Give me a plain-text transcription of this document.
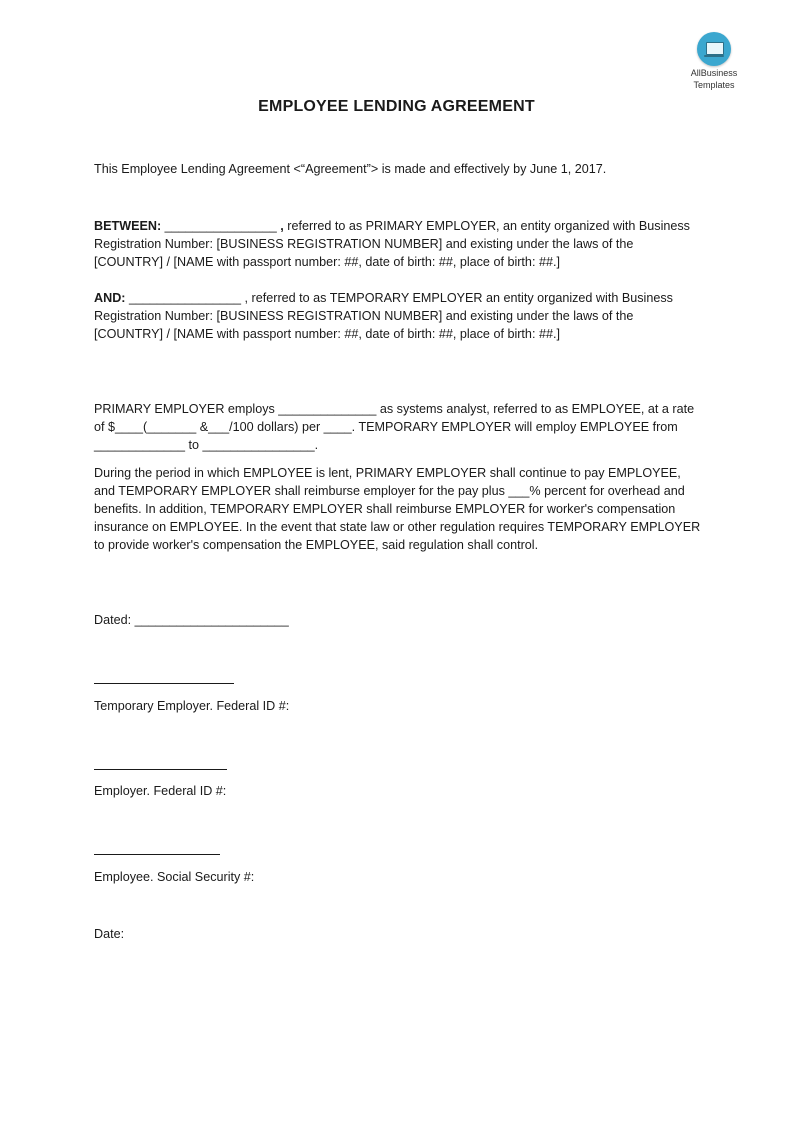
AllBusiness
Templates
EMPLOYEE LENDING AGREEMENT
This Employee Lending Agreement <“Agreement”> is made and effectively by June 1, 2017.
BETWEEN: ________________ , referred to as PRIMARY EMPLOYER, an entity organized with Business Registration Number: [BUSINESS REGISTRATION NUMBER] and existing under the laws of the [COUNTRY] / [NAME with passport number: ##, date of birth: ##, place of birth: ##.]
AND: ________________ , referred to as TEMPORARY EMPLOYER an entity organized with Business Registration Number: [BUSINESS REGISTRATION NUMBER] and existing under the laws of the [COUNTRY] / [NAME with passport number: ##, date of birth: ##, place of birth: ##.]
PRIMARY EMPLOYER employs ______________ as systems analyst, referred to as EMPLOYEE, at a rate of $____(_______ &___/100 dollars) per ____. TEMPORARY EMPLOYER will employ EMPLOYEE from _____________ to ________________.
During the period in which EMPLOYEE is lent, PRIMARY EMPLOYER shall continue to pay EMPLOYEE, and TEMPORARY EMPLOYER shall reimburse employer for the pay plus ___% percent for overhead and benefits. In addition, TEMPORARY EMPLOYER shall reimburse EMPLOYER for worker's compensation insurance on EMPLOYEE. In the event that state law or other regulation requires TEMPORARY EMPLOYER to provide worker's compensation the EMPLOYEE, said regulation shall control.
Dated: ______________________
Temporary Employer. Federal ID #:
Employer. Federal ID #:
Employee. Social Security #:
Date:
